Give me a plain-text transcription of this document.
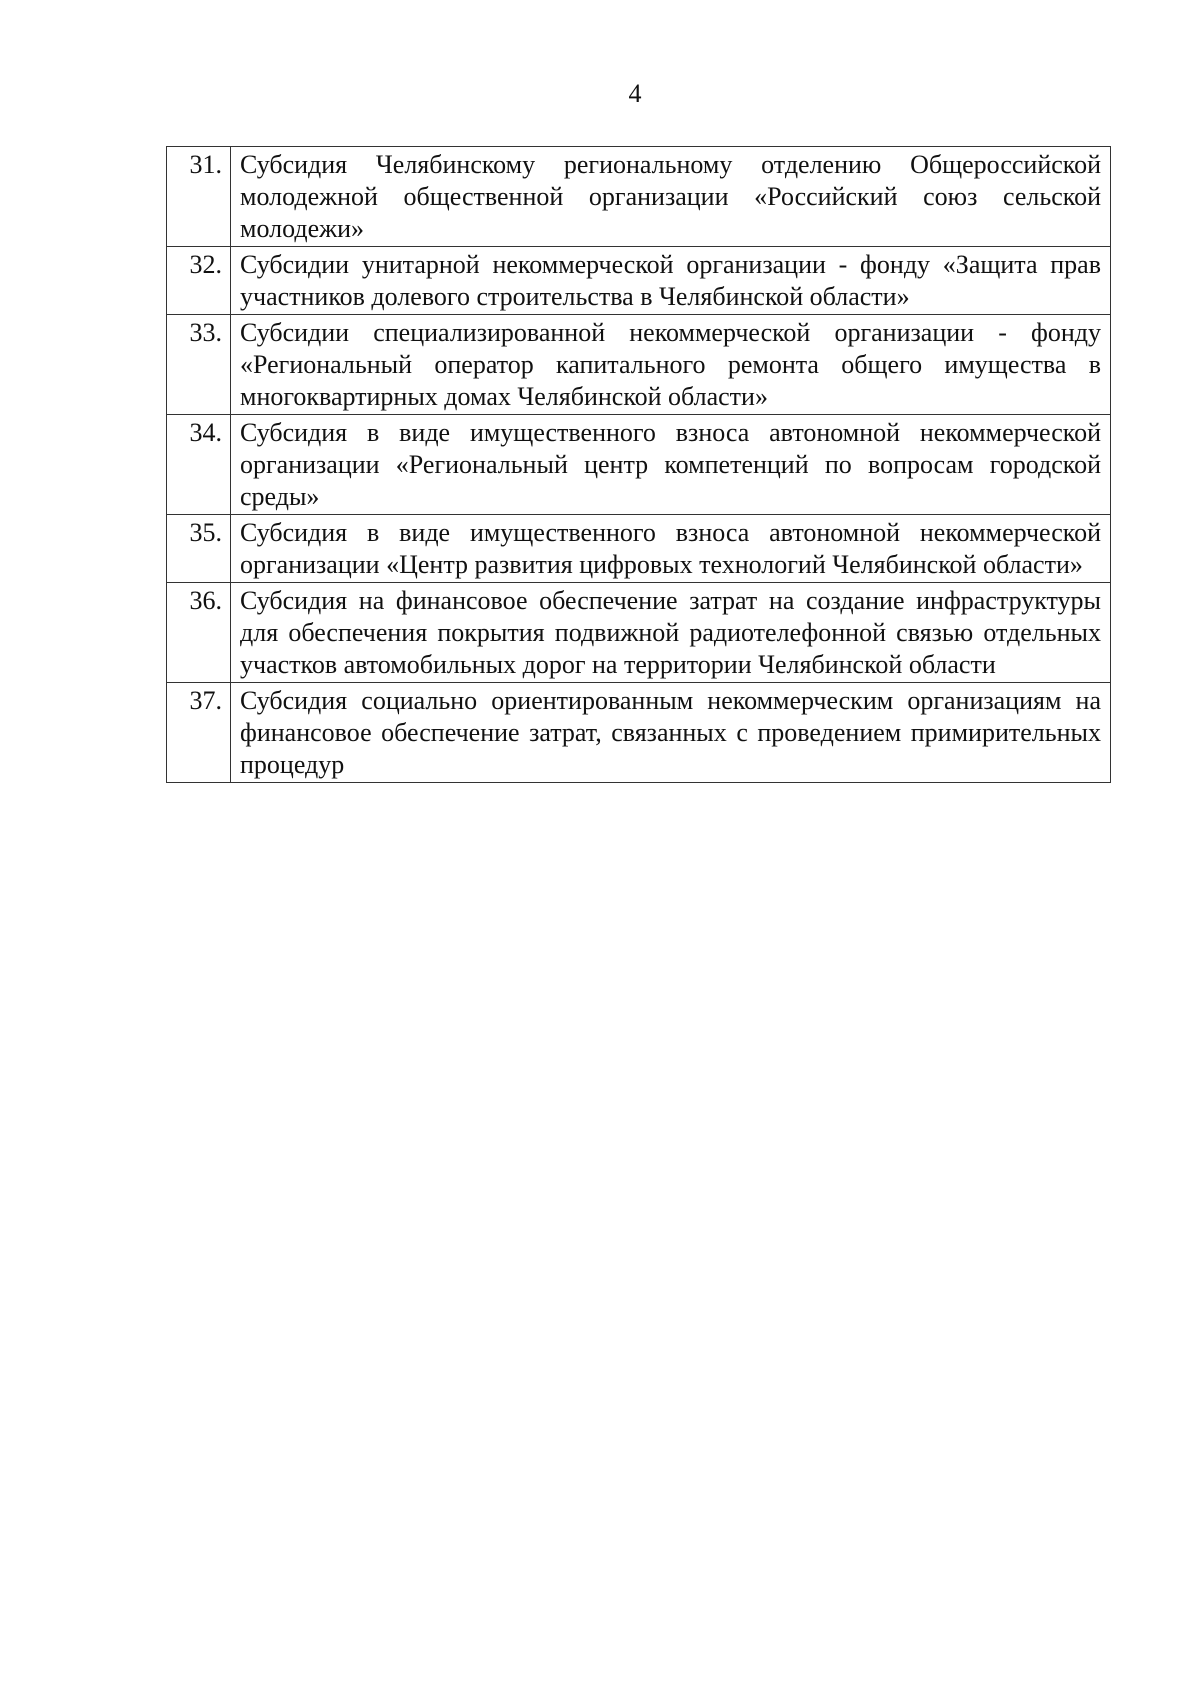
4
31.	Субсидия Челябинскому региональному отделению Общероссийской молодежной общественной организации «Российский союз сельской молодежи»
32.	Субсидии унитарной некоммерческой организации - фонду «Защита прав участников долевого строительства в Челябинской области»
33.	Субсидии специализированной некоммерческой организации - фонду «Региональный оператор капитального ремонта общего имущества в многоквартирных домах Челябинской области»
34.	Субсидия в виде имущественного взноса автономной некоммерческой организации «Региональный центр компетенций по вопросам городской среды»
35.	Субсидия в виде имущественного взноса автономной некоммерческой организации «Центр развития цифровых технологий Челябинской области»
36.	Субсидия на финансовое обеспечение затрат на создание инфраструктуры для обеспечения покрытия подвижной радиотелефонной связью отдельных участков автомобильных дорог на территории Челябинской области
37.	Субсидия социально ориентированным некоммерческим организациям на финансовое обеспечение затрат, связанных с проведением примирительных процедур
